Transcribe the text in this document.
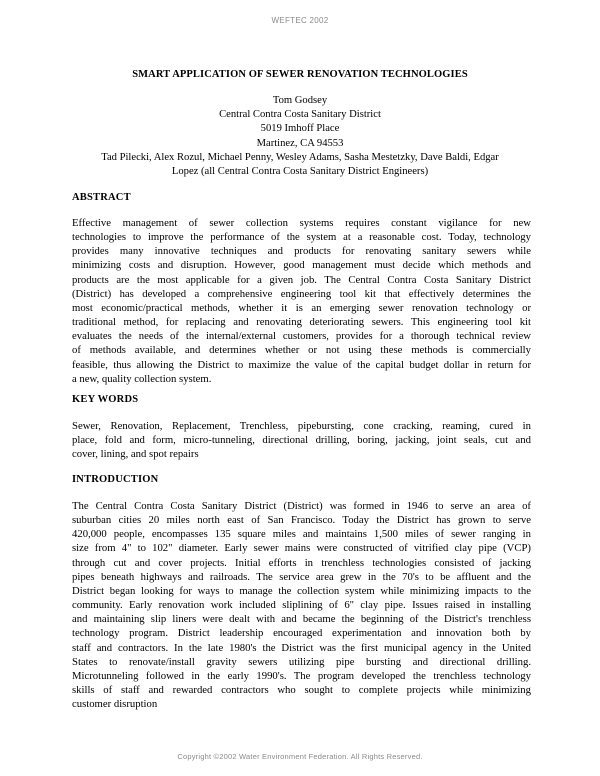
WEFTEC 2002
SMART APPLICATION OF SEWER RENOVATION TECHNOLOGIES
Tom Godsey
Central Contra Costa Sanitary District
5019 Imhoff Place
Martinez, CA 94553
Tad Pilecki, Alex Rozul, Michael Penny, Wesley Adams, Sasha Mestetzky, Dave Baldi, Edgar
Lopez (all Central Contra Costa Sanitary District Engineers)
ABSTRACT
Effective management of sewer collection systems requires constant vigilance for new
technologies to improve the performance of the system at a reasonable cost. Today, technology
provides many innovative techniques and products for renovating sanitary sewers while
minimizing costs and disruption. However, good management must decide which methods and
products are the most applicable for a given job. The Central Contra Costa Sanitary District
(District) has developed a comprehensive engineering tool kit that effectively determines the
most economic/practical methods, whether it is an emerging sewer renovation technology or
traditional method, for replacing and renovating deteriorating sewers. This engineering tool kit
evaluates the needs of the internal/external customers, provides for a thorough technical review
of methods available, and determines whether or not using these methods is commercially
feasible, thus allowing the District to maximize the value of the capital budget dollar in return for
a new, quality collection system.
KEY WORDS
Sewer, Renovation, Replacement, Trenchless, pipebursting, cone cracking, reaming, cured in
place, fold and form, micro-tunneling, directional drilling, boring, jacking, joint seals, cut and
cover, lining, and spot repairs
INTRODUCTION
The Central Contra Costa Sanitary District (District) was formed in 1946 to serve an area of
suburban cities 20 miles north east of San Francisco. Today the District has grown to serve
420,000 people, encompasses 135 square miles and maintains 1,500 miles of sewer ranging in
size from 4" to 102" diameter. Early sewer mains were constructed of vitrified clay pipe (VCP)
through cut and cover projects. Initial efforts in trenchless technologies consisted of jacking
pipes beneath highways and railroads. The service area grew in the 70's to be affluent and the
District began looking for ways to manage the collection system while minimizing impacts to the
community. Early renovation work included sliplining of 6" clay pipe. Issues raised in installing
and maintaining slip liners were dealt with and became the beginning of the District's trenchless
technology program. District leadership encouraged experimentation and innovation both by
staff and contractors. In the late 1980's the District was the first municipal agency in the United
States to renovate/install gravity sewers utilizing pipe bursting and directional drilling.
Microtunneling followed in the early 1990's. The program developed the trenchless technology
skills of staff and rewarded contractors who sought to complete projects while minimizing
customer disruption
Copyright ©2002 Water Environment Federation. All Rights Reserved.
